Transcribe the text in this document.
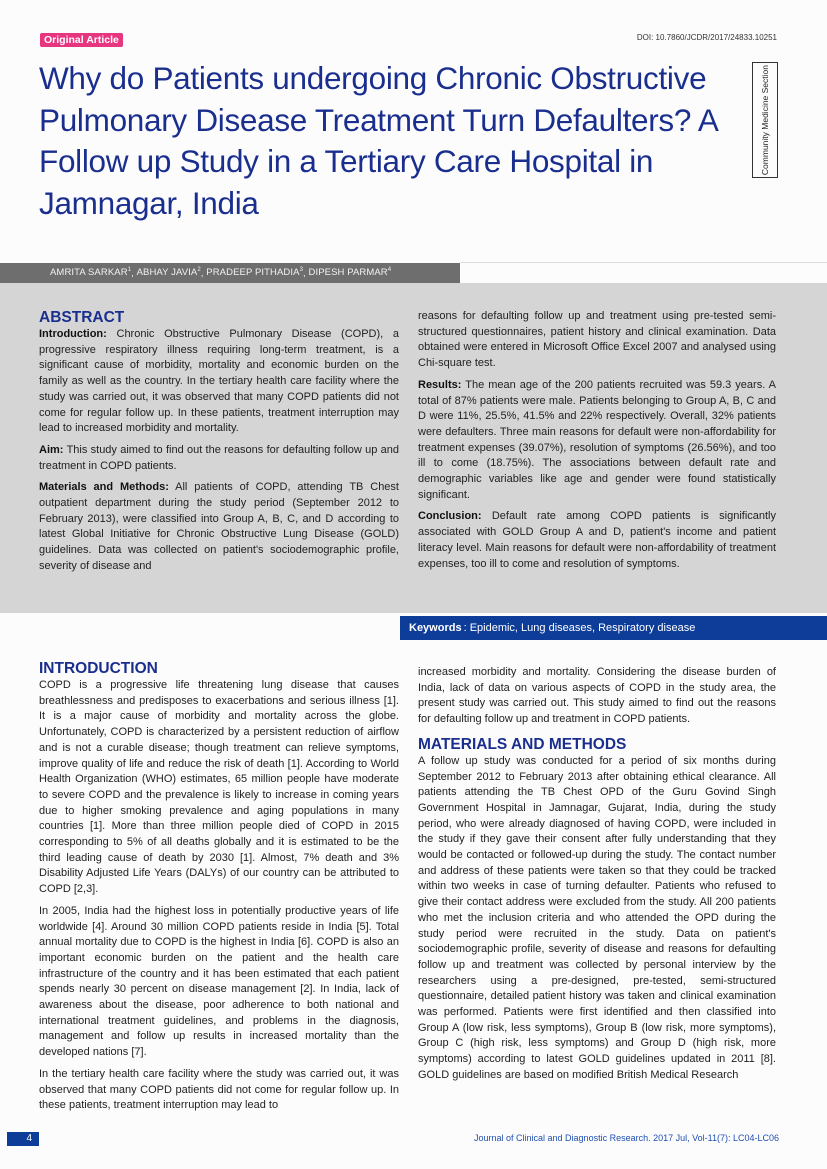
Original Article	DOI: 10.7860/JCDR/2017/24833.10251
Why do Patients undergoing Chronic Obstructive Pulmonary Disease Treatment Turn Defaulters? A Follow up Study in a Tertiary Care Hospital in Jamnagar, India
Community Medicine Section
AMRITA SARKAR$^1$ , ABHAY JAVIA$^2$ , PRADEEP PITHADIA$^3$ , DIPESH PARMAR$^4$
ABSTRACT

Introduction: Chronic Obstructive Pulmonary Disease (COPD), a progressive respiratory illness requiring long-term treatment, is a significant cause of morbidity, mortality and economic burden on the family as well as the country. In the tertiary health care facility where the study was carried out, it was observed that many COPD patients did not come for regular follow up. In these patients, treatment interruption may lead to increased morbidity and mortality.

Aim: This study aimed to find out the reasons for defaulting follow up and treatment in COPD patients.

Materials and Methods: All patients of COPD, attending TB Chest outpatient department during the study period (September 2012 to February 2013), were classified into Group A, B, C, and D according to latest Global Initiative for Chronic Obstructive Lung Disease (GOLD) guidelines. Data was collected on patient's sociodemographic profile, severity of disease and

reasons for defaulting follow up and treatment using pre-tested semi-structured questionnaires, patient history and clinical examination. Data obtained were entered in Microsoft Office Excel 2007 and analysed using Chi-square test.

Results: The mean age of the 200 patients recruited was 59.3 years. A total of 87% patients were male. Patients belonging to Group A, B, C and D were 11%, 25.5%, 41.5% and 22% respectively. Overall, 32% patients were defaulters. Three main reasons for default were non-affordability for treatment expenses (39.07%), resolution of symptoms (26.56%), and too ill to come (18.75%). The associations between default rate and demographic variables like age and gender were found statistically significant.

Conclusion: Default rate among COPD patients is significantly associated with GOLD Group A and D, patient's income and patient literacy level. Main reasons for default were non-affordability of treatment expenses, too ill to come and resolution of symptoms.

Keywords : Epidemic, Lung diseases, Respiratory disease
INTRODUCTION

COPD is a progressive life threatening lung disease that causes breathlessness and predisposes to exacerbations and serious illness [1]. It is a major cause of morbidity and mortality across the globe. Unfortunately, COPD is characterized by a persistent reduction of airflow and is not a curable disease; though treatment can relieve symptoms, improve quality of life and reduce the risk of death [1]. According to World Health Organization (WHO) estimates, 65 million people have moderate to severe COPD and the prevalence is likely to increase in coming years due to higher smoking prevalence and aging populations in many countries [1]. More than three million people died of COPD in 2015 corresponding to 5% of all deaths globally and it is estimated to be the third leading cause of death by 2030 [1]. Almost, 7% death and 3% Disability Adjusted Life Years (DALYs) of our country can be attributed to COPD [2,3].

In 2005, India had the highest loss in potentially productive years of life worldwide [4]. Around 30 million COPD patients reside in India [5]. Total annual mortality due to COPD is the highest in India [6]. COPD is also an important economic burden on the patient and the health care infrastructure of the country and it has been estimated that each patient spends nearly 30 percent on disease management [2]. In India, lack of awareness about the disease, poor adherence to both national and international treatment guidelines, and problems in the diagnosis, management and follow up results in increased mortality than the developed nations [7].

In the tertiary health care facility where the study was carried out, it was observed that many COPD patients did not come for regular follow up. In these patients, treatment interruption may lead to

increased morbidity and mortality. Considering the disease burden of India, lack of data on various aspects of COPD in the study area, the present study was carried out. This study aimed to find out the reasons for defaulting follow up and treatment in COPD patients.

MATERIALS AND METHODS

A follow up study was conducted for a period of six months during September 2012 to February 2013 after obtaining ethical clearance. All patients attending the TB Chest OPD of the Guru Govind Singh Government Hospital in Jamnagar, Gujarat, India, during the study period, who were already diagnosed of having COPD, were included in the study if they gave their consent after fully understanding that they would be contacted or followed-up during the study. The contact number and address of these patients were taken so that they could be tracked within two weeks in case of turning defaulter. Patients who refused to give their contact address were excluded from the study. All 200 patients who met the inclusion criteria and who attended the OPD during the study period were recruited in the study. Data on patient's sociodemographic profile, severity of disease and reasons for defaulting follow up and treatment was collected by personal interview by the researchers using a pre-designed, pre-tested, semi-structured questionnaire, detailed patient history was taken and clinical examination was performed. Patients were first identified and then classified into Group A (low risk, less symptoms), Group B (low risk, more symptoms), Group C (high risk, less symptoms) and Group D (high risk, more symptoms) according to latest GOLD guidelines updated in 2011 [8]. GOLD guidelines are based on modified British Medical Research

4	Journal of Clinical and Diagnostic Research. 2017 Jul, Vol-11(7): LC04-LC06
